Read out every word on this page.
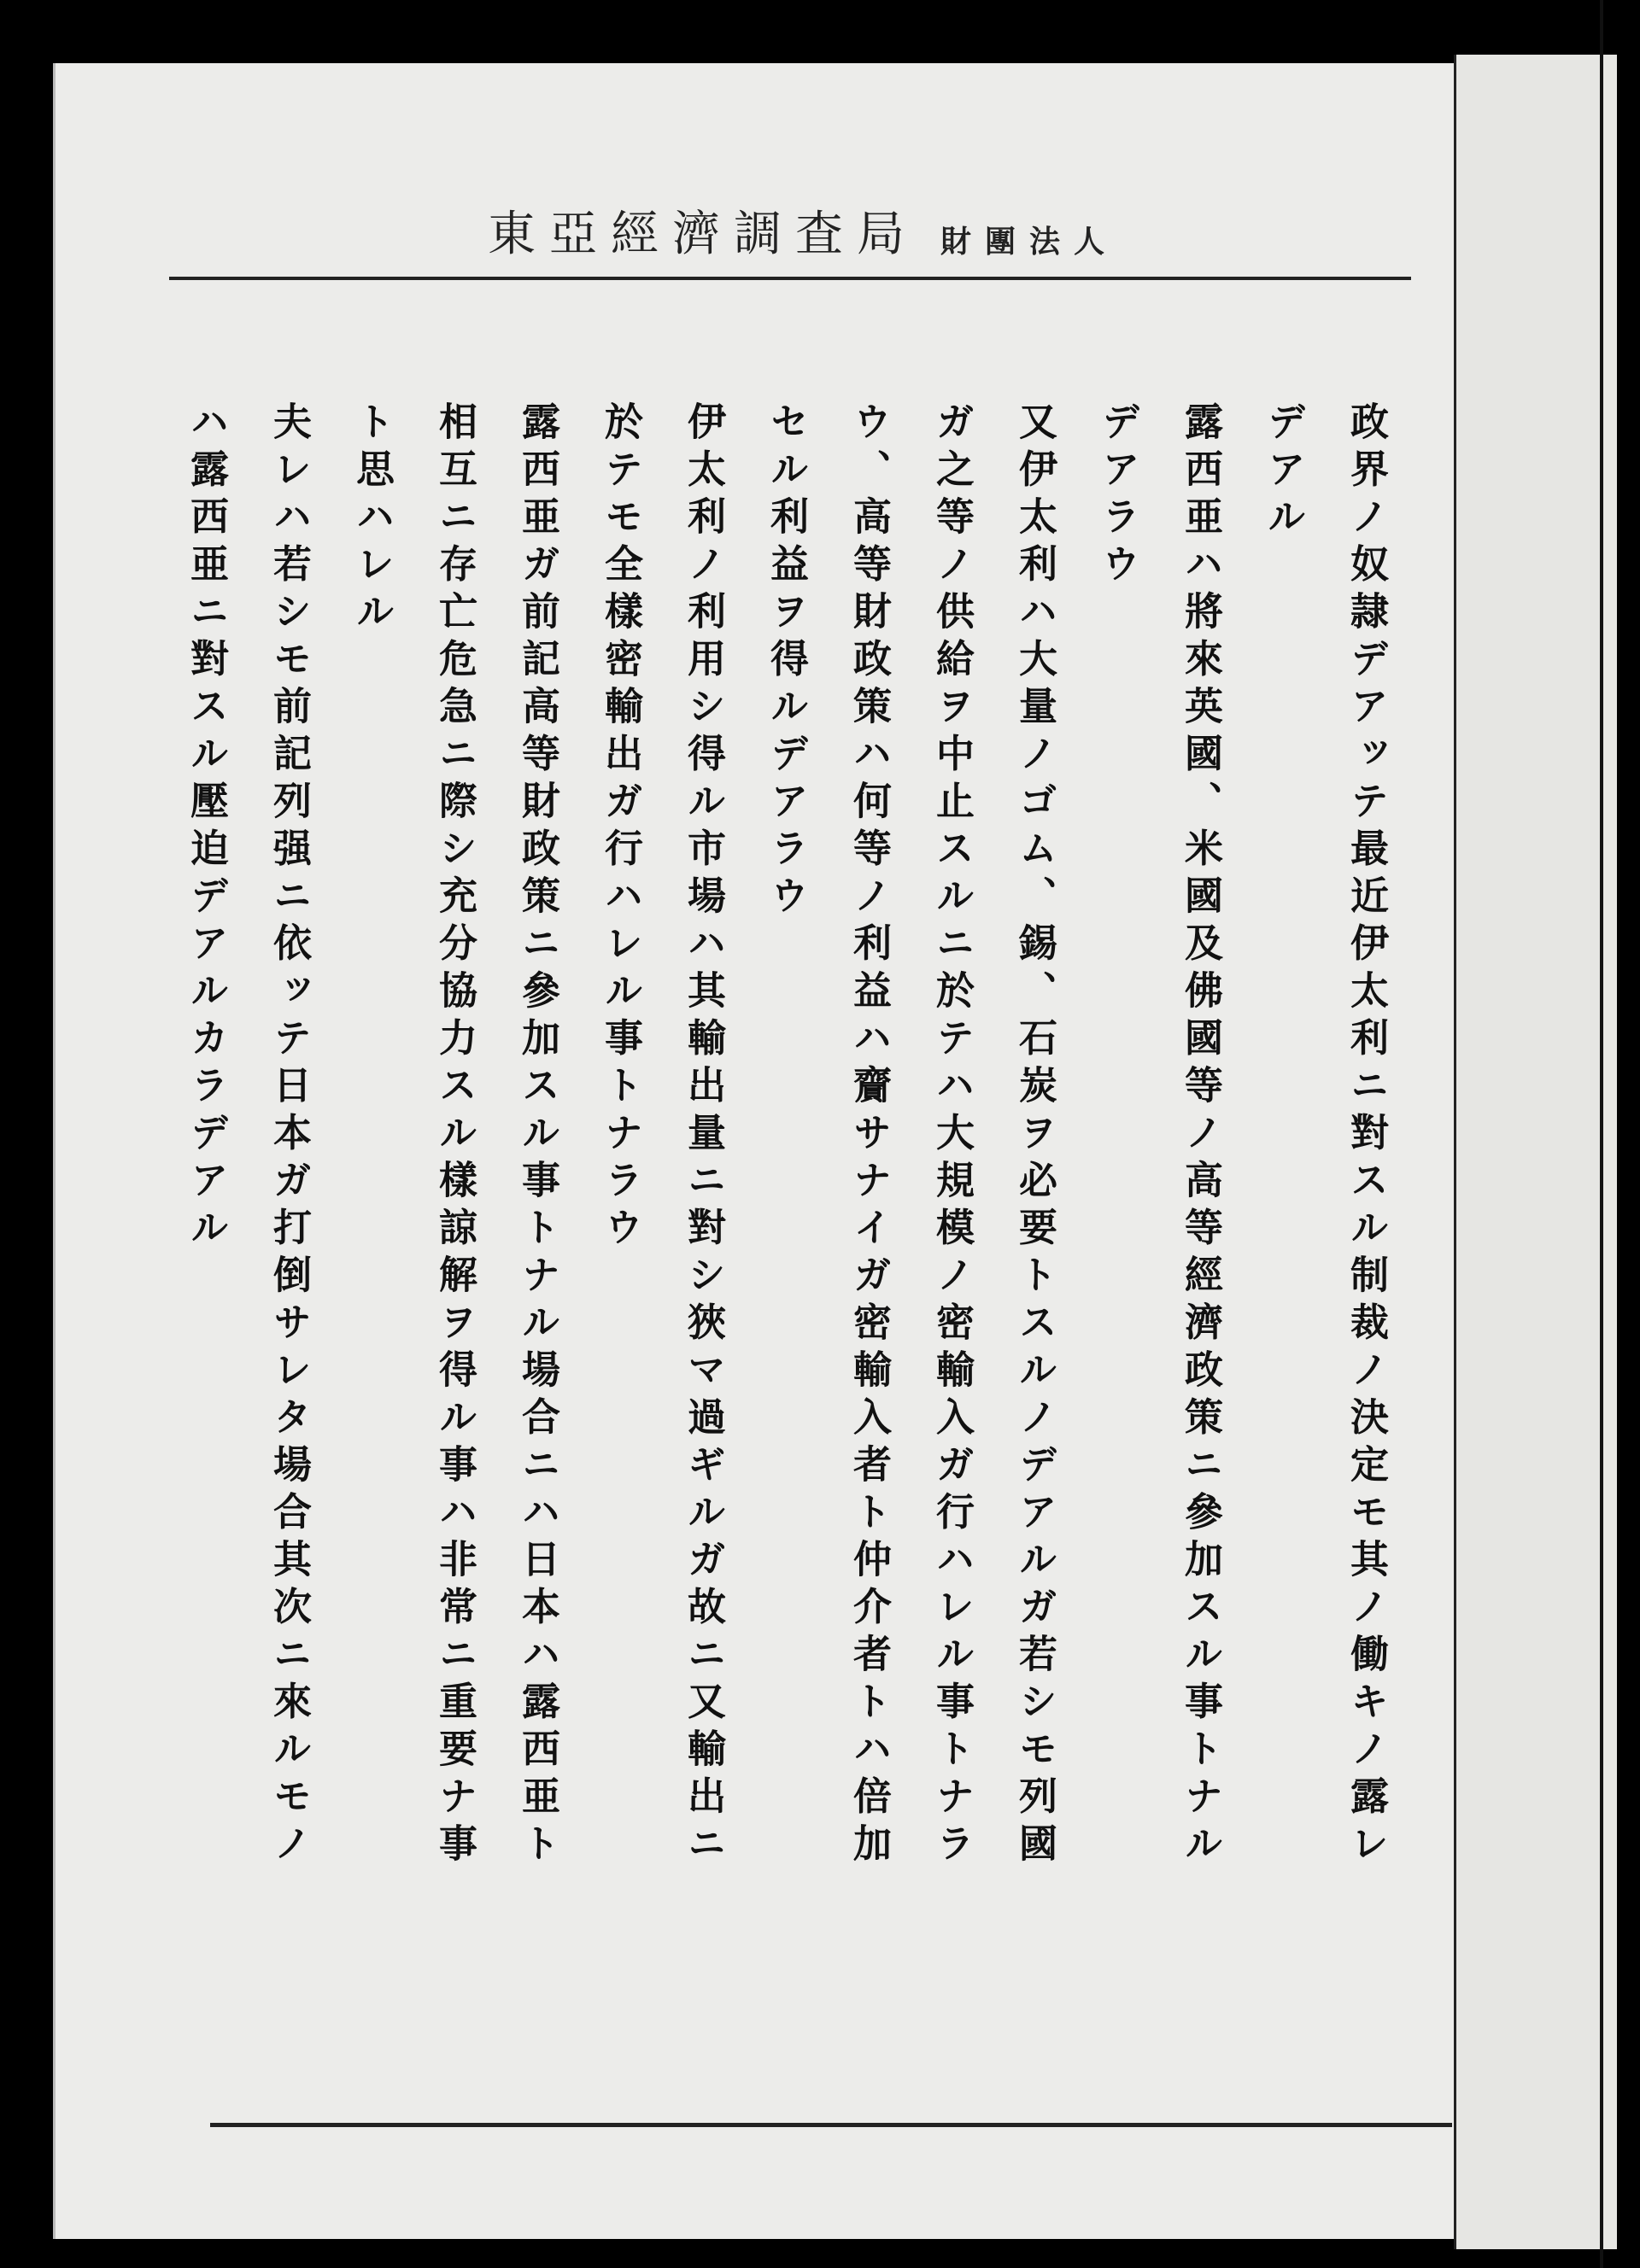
東亞經濟調査局 財團法人
政界ノ奴隷デアッテ最近伊太利ニ對スル制裁ノ決定モ其ノ働キノ露レ
デアル
露西亜ハ將來英國、米國及佛國等ノ高等經濟政策ニ參加スル事トナル
デアラウ
又伊太利ハ大量ノゴム、錫、石炭ヲ必要トスルノデアルガ若シモ列國
ガ之等ノ供給ヲ中止スルニ於テハ大規模ノ密輸入ガ行ハレル事トナラ
ウ、高等財政策ハ何等ノ利益ハ齎サナイガ密輸入者ト仲介者トハ倍加
セル利益ヲ得ルデアラウ
伊太利ノ利用シ得ル市場ハ其輸出量ニ對シ狹マ過ギルガ故ニ又輸出ニ
於テモ全樣密輸出ガ行ハレル事トナラウ
露西亜ガ前記高等財政策ニ參加スル事トナル場合ニハ日本ハ露西亜ト
相互ニ存亡危急ニ際シ充分協力スル樣諒解ヲ得ル事ハ非常ニ重要ナ事
ト思ハレル
夫レハ若シモ前記列强ニ依ッテ日本ガ打倒サレタ場合其次ニ來ルモノ
ハ露西亜ニ對スル壓迫デアルカラデアル
